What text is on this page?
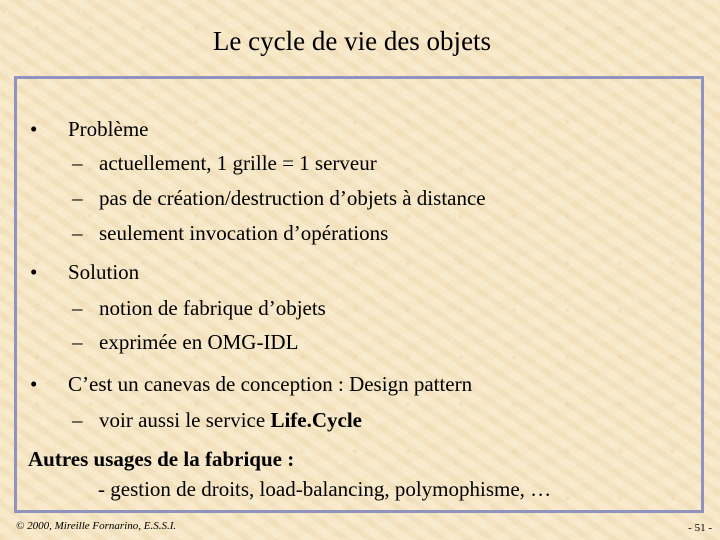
Le cycle de vie des objets
• Problème
– actuellement, 1 grille = 1 serveur
– pas de création/destruction d’objets à distance
– seulement invocation d’opérations
• Solution
– notion de fabrique d’objets
– exprimée en OMG-IDL
• C’est un canevas de conception : Design pattern
– voir aussi le service Life.Cycle
Autres usages de la fabrique :
- gestion de droits, load-balancing, polymophisme, …
© 2000, Mireille Fornarino, E.S.S.I.	- 51 -
